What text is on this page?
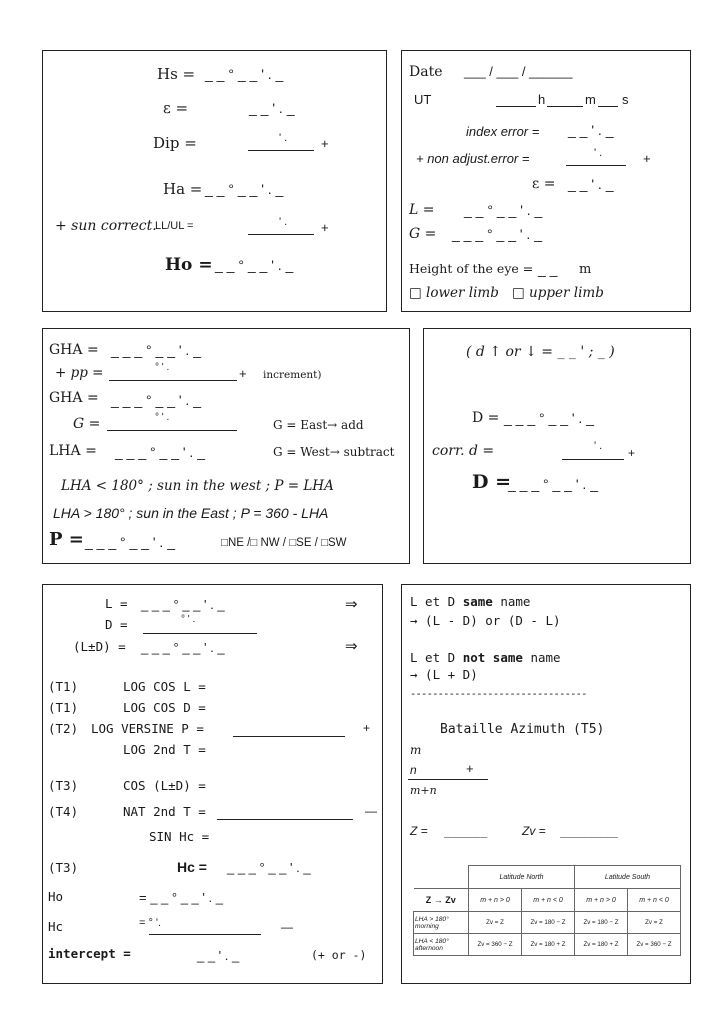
Hs = _ _ ° _ _ ' . _
ε =	_ _ ' . _
Dip =	' .	+
Ha = _ _ ° _ _ ' . _
+ sun correct.
LL/UL =	' .	+
Ho = _ _ ° _ _ ' . _
Date ___ / ___ / ______
UT	h	m s
index error = _ _ ' . _
+ non adjust.error =	' .	+
ε = _ _ ' . _
L = _ _ ° _ _ ' . _
G = _ _ _ ° _ _ ' . _
Height of the eye = _ _ m
□ lower limb □ upper limb
GHA = _ _ _ ° _ _ ' . _
+ pp =	° ' .	+ increment)
GHA = _ _ _ ° _ _ ' . _
G =	° ' .
G = East→ add
LHA = _ _ _ ° _ _ ' . _	G = West→ subtract
LHA < 180° ; sun in the west ; P = LHA
LHA > 180° ; sun in the East ; P = 360 - LHA
P = _ _ _ ° _ _ ' . _	□NE /□ NW / □SE / □SW
( d ↑ or ↓ = _ _ ' ; _ )
D = _ _ _ ° _ _ ' . _
corr. d =	' . +
D =
_ _ _ ° _ _ ' . _
L = _ _ _ ° _ _ ' . _	⇒
D =	° ' .
(L±D) = _ _ _ ° _ _ ' . _	⇒
(T1)	LOG COS L =
(T1)	LOG COS D =
(T2) LOG VERSINE P =	+
LOG 2nd T =
(T3)	COS (L±D) =
(T4)	NAT 2nd T =	—
SIN Hc =
(T3)	Hc = _ _ _ ° _ _ ' . _
Ho	= _ _ ° _ _ ' . _
Hc	= ° '.	—
intercept =	_ _ ' . _	(+ or -)
L et D same name
→ (L - D) or (D - L)
L et D not same name
→ (L + D)
--------------------------------
Bataille Azimuth (T5)
m
n	+
m+n
Z = ______	Zv = ________
	Latitude North		Latitude South	
Z → Zv	m + n > 0	m + n < 0	m + n > 0	m + n < 0
LHA > 180° morning	Zv = Z	Zv = 180 − Z	Zv = 180 − Z	Zv = Z
LHA < 180° afternoon	Zv = 360 − Z	Zv = 180 + Z	Zv = 180 + Z	Zv = 360 − Z
